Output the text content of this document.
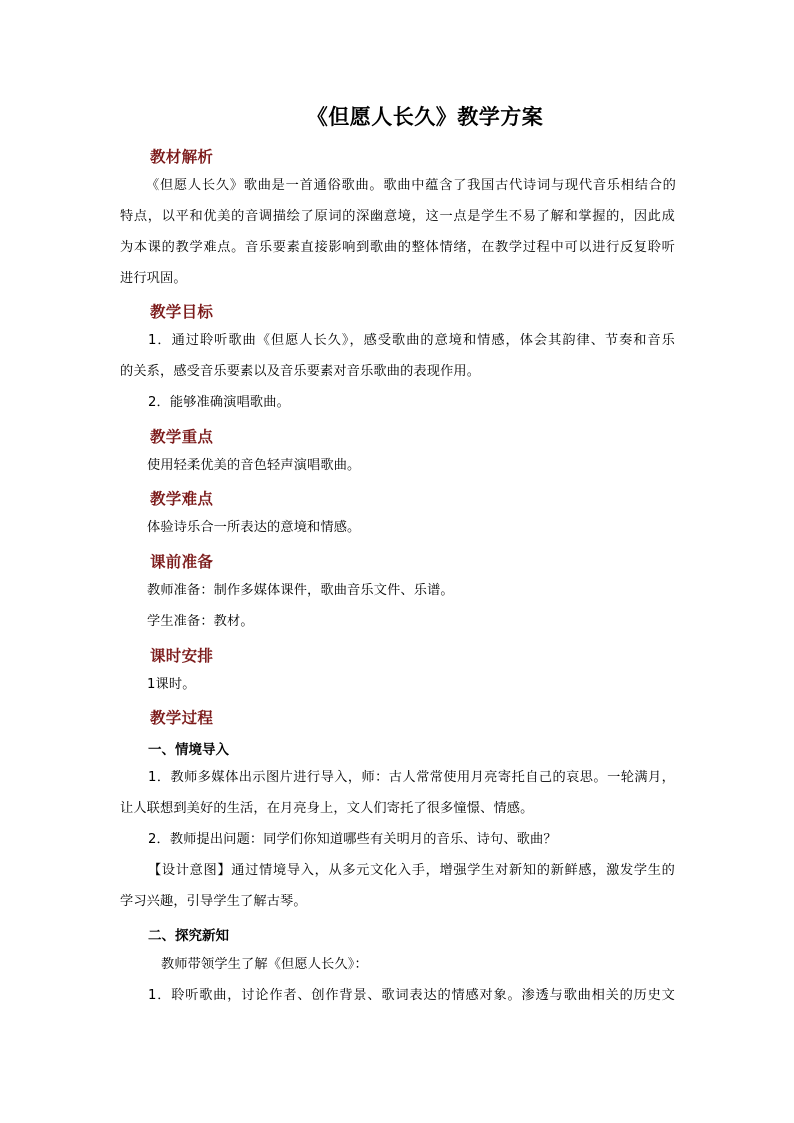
《但愿人长久》教学方案
教材解析
《但愿人长久》歌曲是一首通俗歌曲。歌曲中蕴含了我国古代诗词与现代音乐相结合的
特点，以平和优美的音调描绘了原词的深幽意境，这一点是学生不易了解和掌握的，因此成
为本课的教学难点。音乐要素直接影响到歌曲的整体情绪，在教学过程中可以进行反复聆听
进行巩固。
教学目标
1．通过聆听歌曲《但愿人长久》，感受歌曲的意境和情感，体会其韵律、节奏和音乐
的关系，感受音乐要素以及音乐要素对音乐歌曲的表现作用。
2．能够准确演唱歌曲。
教学重点
使用轻柔优美的音色轻声演唱歌曲。
教学难点
体验诗乐合一所表达的意境和情感。
课前准备
教师准备：制作多媒体课件，歌曲音乐文件、乐谱。
学生准备：教材。
课时安排
1课时。
教学过程
一、情境导入
1．教师多媒体出示图片进行导入，师：古人常常使用月亮寄托自己的哀思。一轮满月，
让人联想到美好的生活，在月亮身上，文人们寄托了很多憧憬、情感。
2．教师提出问题：同学们你知道哪些有关明月的音乐、诗句、歌曲？
【设计意图】通过情境导入，从多元文化入手，增强学生对新知的新鲜感，激发学生的
学习兴趣，引导学生了解古琴。
二、探究新知
教师带领学生了解《但愿人长久》：
1．聆听歌曲，讨论作者、创作背景、歌词表达的情感对象。渗透与歌曲相关的历史文
